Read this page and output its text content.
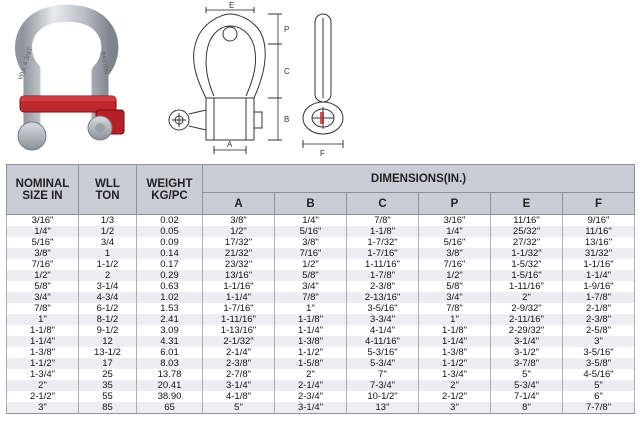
WLL 4 3/4T	RASTON
E
P
C
B
A
F
NOMINAL SIZE IN	WLL TON	WEIGHT KG/PC	DIMENSIONS(IN.)					
			A	B	C	P	E	F
3/16"	1/3	0.02	3/8"	1/4"	7/8"	3/16"	11/16"	9/16"
1/4"	1/2	0.05	1/2"	5/16"	1-1/8"	1/4"	25/32"	11/16"
5/16"	3/4	0.09	17/32"	3/8"	1-7/32"	5/16"	27/32"	13/16"
3/8"	1	0.14	21/32"	7/16"	1-7/16"	3/8"	1-1/32"	31/32"
7/16"	1-1/2	0.17	23/32"	1/2"	1-11/16"	7/16"	1-5/32"	1-1/16"
1/2"	2	0.29	13/16"	5/8"	1-7/8"	1/2"	1-5/16"	1-1/4"
5/8"	3-1/4	0.63	1-1/16"	3/4"	2-3/8"	5/8"	1-11/16"	1-9/16"
3/4"	4-3/4	1.02	1-1/4"	7/8"	2-13/16"	3/4"	2"	1-7/8"
7/8"	6-1/2	1.53	1-7/16"	1"	3-5/16"	7/8"	2-9/32"	2-1/8"
1"	8-1/2	2.41	1-11/16"	1-1/8"	3-3/4"	1"	2-11/16"	2-3/8"
1-1/8"	9-1/2	3.09	1-13/16"	1-1/4"	4-1/4"	1-1/8"	2-29/32"	2-5/8"
1-1/4"	12	4.31	2-1/32"	1-3/8"	4-11/16"	1-1/4"	3-1/4"	3"
1-3/8"	13-1/2	6.01	2-1/4"	1-1/2"	5-3/16"	1-3/8"	3-1/2"	3-5/16"
1-1/2"	17	8.03	2-3/8"	1-5/8"	5-3/4"	1-1/2"	3-7/8"	3-5/8"
1-3/4"	25	13.78	2-7/8"	2"	7"	1-3/4"	5"	4-5/16"
2"	35	20.41	3-1/4"	2-1/4"	7-3/4"	2"	5-3/4"	5"
2-1/2"	55	38.90	4-1/8"	2-3/4"	10-1/2"	2-1/2"	7-1/4"	6"
3"	85	65	5"	3-1/4"	13"	3"	8"	7-7/8"
